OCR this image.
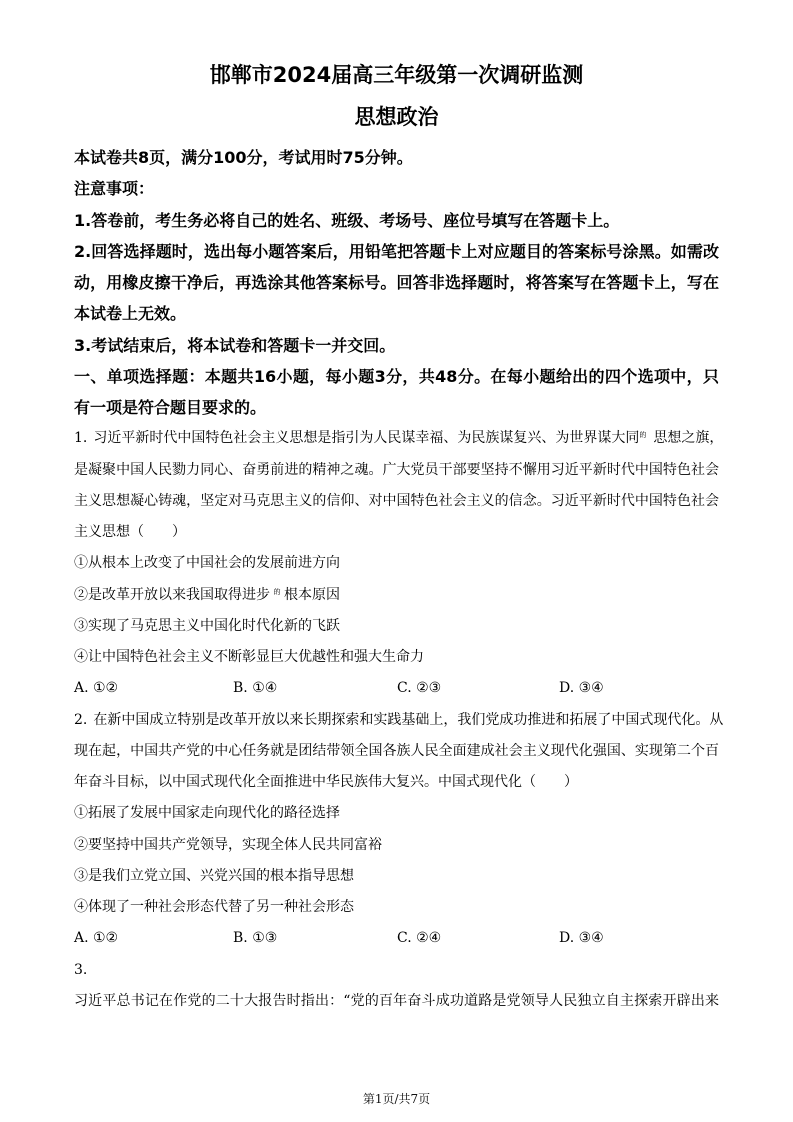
邯郸市2024届高三年级第一次调研监测
思想政治
本试卷共8页，满分100分，考试用时75分钟。
注意事项：
1.答卷前，考生务必将自己的姓名、班级、考场号、座位号填写在答题卡上。
2.回答选择题时，选出每小题答案后，用铅笔把答题卡上对应题目的答案标号涂黑。如需改
动，用橡皮擦干净后，再选涂其他答案标号。回答非选择题时，将答案写在答题卡上，写在
本试卷上无效。
3.考试结束后，将本试卷和答题卡一并交回。
一、单项选择题：本题共16小题，每小题3分，共48分。在每小题给出的四个选项中，只
有一项是符合题目要求的。
1. 习近平新时代中国特色社会主义思想是指引为人民谋幸福、为民族谋复兴、为世界谋大同的 思想之旗，
是凝聚中国人民勠力同心、奋勇前进的精神之魂。广大党员干部要坚持不懈用习近平新时代中国特色社会
主义思想凝心铸魂，坚定对马克思主义的信仰、对中国特色社会主义的信念。习近平新时代中国特色社会
主义思想（　　）
①从根本上改变了中国社会的发展前进方向
②是改革开放以来我国取得进步 的 根本原因
③实现了马克思主义中国化时代化新的飞跃
④让中国特色社会主义不断彰显巨大优越性和强大生命力
A. ①②	B. ①④	C. ②③	D. ③④
2. 在新中国成立特别是改革开放以来长期探索和实践基础上，我们党成功推进和拓展了中国式现代化。从
现在起，中国共产党的中心任务就是团结带领全国各族人民全面建成社会主义现代化强国、实现第二个百
年奋斗目标，以中国式现代化全面推进中华民族伟大复兴。中国式现代化（　　）
①拓展了发展中国家走向现代化的路径选择
②要坚持中国共产党领导，实现全体人民共同富裕
③是我们立党立国、兴党兴国的根本指导思想
④体现了一种社会形态代替了另一种社会形态
A. ①②	B. ①③	C. ②④	D. ③④
3.
习近平总书记在作党的二十大报告时指出：“党的百年奋斗成功道路是党领导人民独立自主探索开辟出来
第1页/共7页
